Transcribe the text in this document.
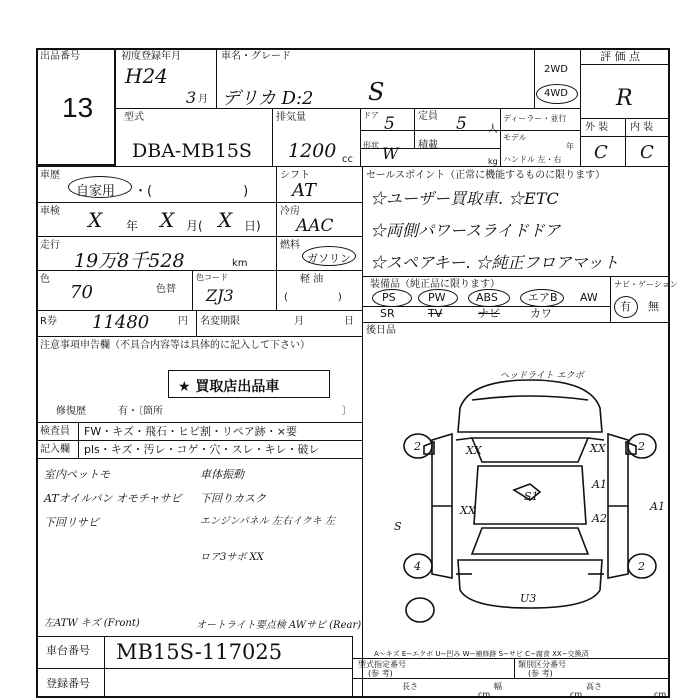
出品番号
13
初度登録年月
H24
3 月
車名・グレード
デリカ D:2 S
2WD
4WD
評 価 点
R
型式
DBA-MB15S
排気量
1200 cc
ドア 5 定員 5 人
形状 W 積載
kg
ディーラー・並行
モデル
年
ハンドル 左・右
外 装 内 装
C C
車歴
自家用 ・(　　　　　　　)
シフト
AT
車検 X 年 X 月( X 日)
冷房
AAC
走行
19万8千528	km
燃料
ガソリン
色
70	色替
色コード
ZJ3
軽 油
(　　　　　)
R券 11480	円 名変期限	月	日
セールスポイント（正常に機能するものに限ります）
☆ユーザー買取車. ☆ETC
☆両側パワースライドドア
☆スペアキー. ☆純正フロアマット
装備品（純正品に限ります）	ナビ・ゲーション
有 無
PS	PW	ABS	エアB AW
SR	TV	ナビ	カワ
後日品
注意事項申告欄（不具合内容等は具体的に記入して下さい）
★ 買取店出品車
修復歴	有・〔箇所	〕
検査員
記入欄
FW・キズ・飛石・ヒビ割・リペア跡・×要
pls・キズ・汚レ・コゲ・穴・スレ・キレ・破レ
室内ペットモ
ATオイルパン オモチャサビ
下回リサビ
車体振動
下回りカスク
エンジンパネル 左右イクキ 左
ロア3サボ XX
左ATW キズ (Front)	オートライト要点検 AWサビ (Rear)
車台番号 MB15S-117025
登録番号
2	2
4	2
S1
U3
A1
A2
XX	XX
XX
S
A1
ヘッドライト エクボ
A〜キズ E−エクボ U−凹み W−補修跡 S−サビ C−腐食 XX−交換済
型式指定番号
(参 考)
類別区分番号
(参 考)
長さ
cm
幅
cm
高さ
cm
